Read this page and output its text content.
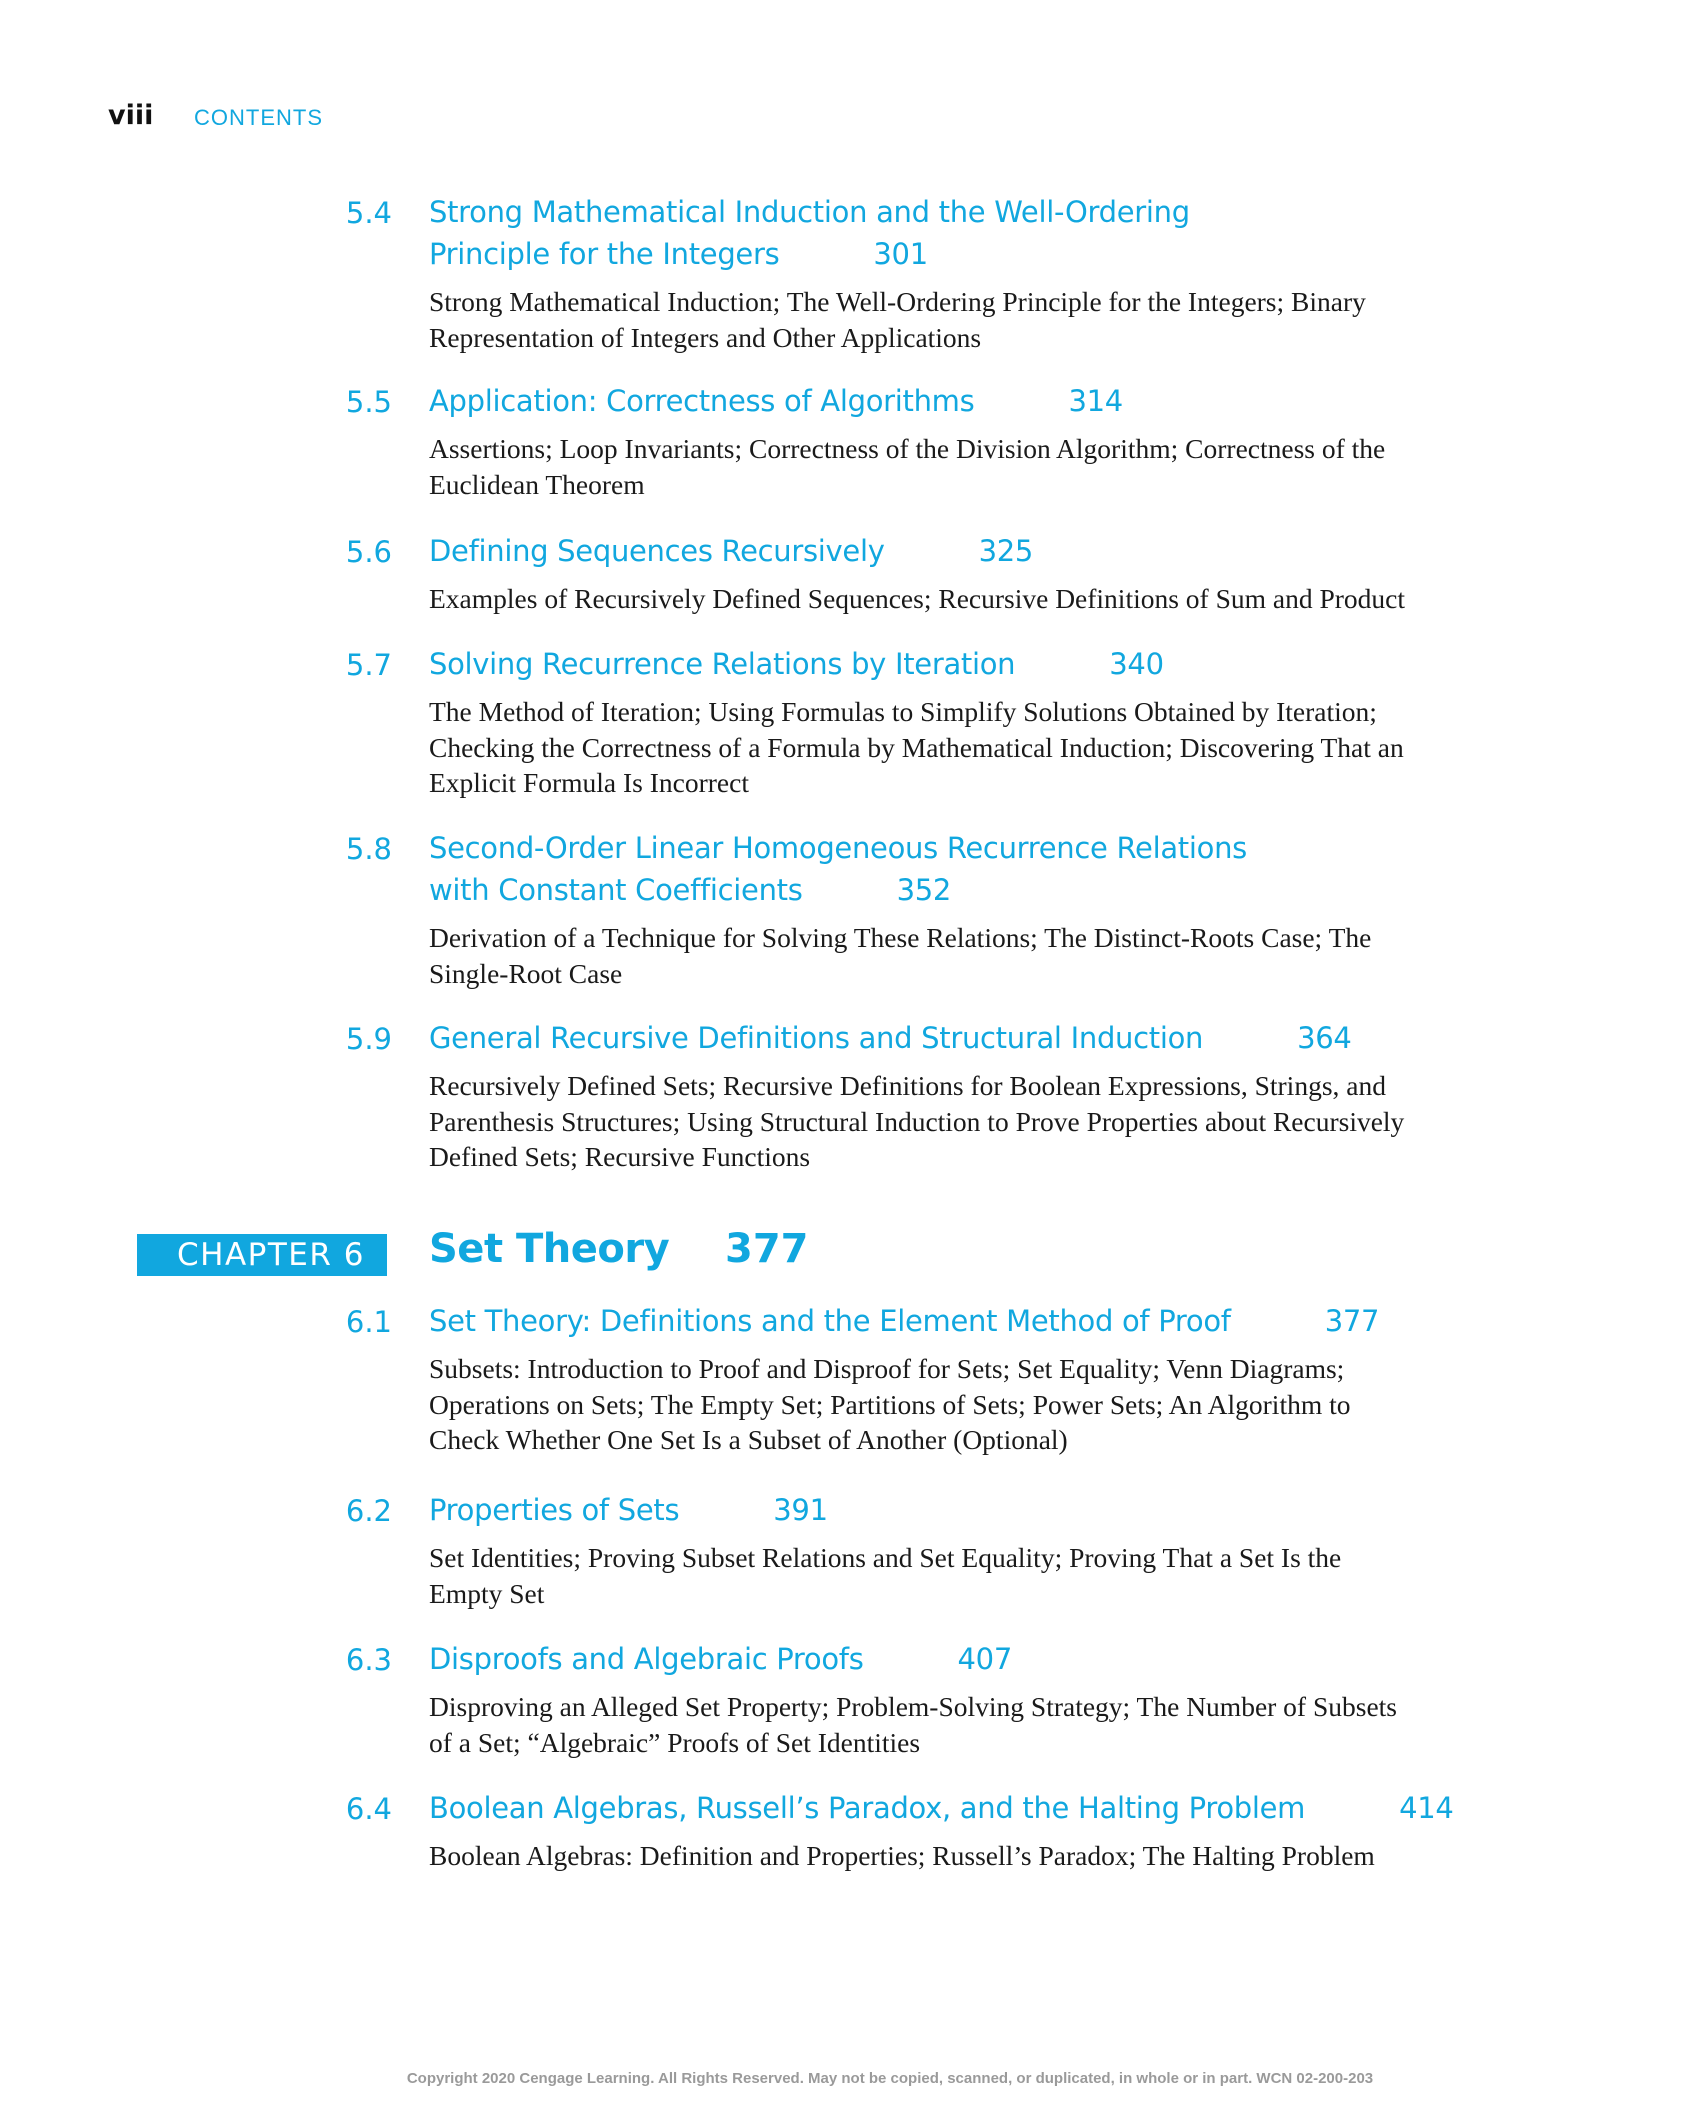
viii CONTENTS
5.4 Strong Mathematical Induction and the Well-Ordering
Principle for the Integers	301
Strong Mathematical Induction; The Well-Ordering Principle for the Integers; Binary
Representation of Integers and Other Applications
5.5 Application: Correctness of Algorithms	314
Assertions; Loop Invariants; Correctness of the Division Algorithm; Correctness of the
Euclidean Theorem
5.6 Defining Sequences Recursively	325
Examples of Recursively Defined Sequences; Recursive Definitions of Sum and Product
5.7 Solving Recurrence Relations by Iteration	340
The Method of Iteration; Using Formulas to Simplify Solutions Obtained by Iteration;
Checking the Correctness of a Formula by Mathematical Induction; Discovering That an
Explicit Formula Is Incorrect
5.8 Second-Order Linear Homogeneous Recurrence Relations
with Constant Coefficients	352
Derivation of a Technique for Solving These Relations; The Distinct-Roots Case; The
Single-Root Case
5.9 General Recursive Definitions and Structural Induction	364
Recursively Defined Sets; Recursive Definitions for Boolean Expressions, Strings, and
Parenthesis Structures; Using Structural Induction to Prove Properties about Recursively
Defined Sets; Recursive Functions
CHAPTER 6	Set Theory 377
6.1 Set Theory: Definitions and the Element Method of Proof	377
Subsets: Introduction to Proof and Disproof for Sets; Set Equality; Venn Diagrams;
Operations on Sets; The Empty Set; Partitions of Sets; Power Sets; An Algorithm to
Check Whether One Set Is a Subset of Another (Optional)
6.2 Properties of Sets	391
Set Identities; Proving Subset Relations and Set Equality; Proving That a Set Is the
Empty Set
6.3 Disproofs and Algebraic Proofs	407
Disproving an Alleged Set Property; Problem-Solving Strategy; The Number of Subsets
of a Set; “Algebraic” Proofs of Set Identities
6.4 Boolean Algebras, Russell’s Paradox, and the Halting Problem	414
Boolean Algebras: Definition and Properties; Russell’s Paradox; The Halting Problem
Copyright 2020 Cengage Learning. All Rights Reserved. May not be copied, scanned, or duplicated, in whole or in part. WCN 02-200-203
